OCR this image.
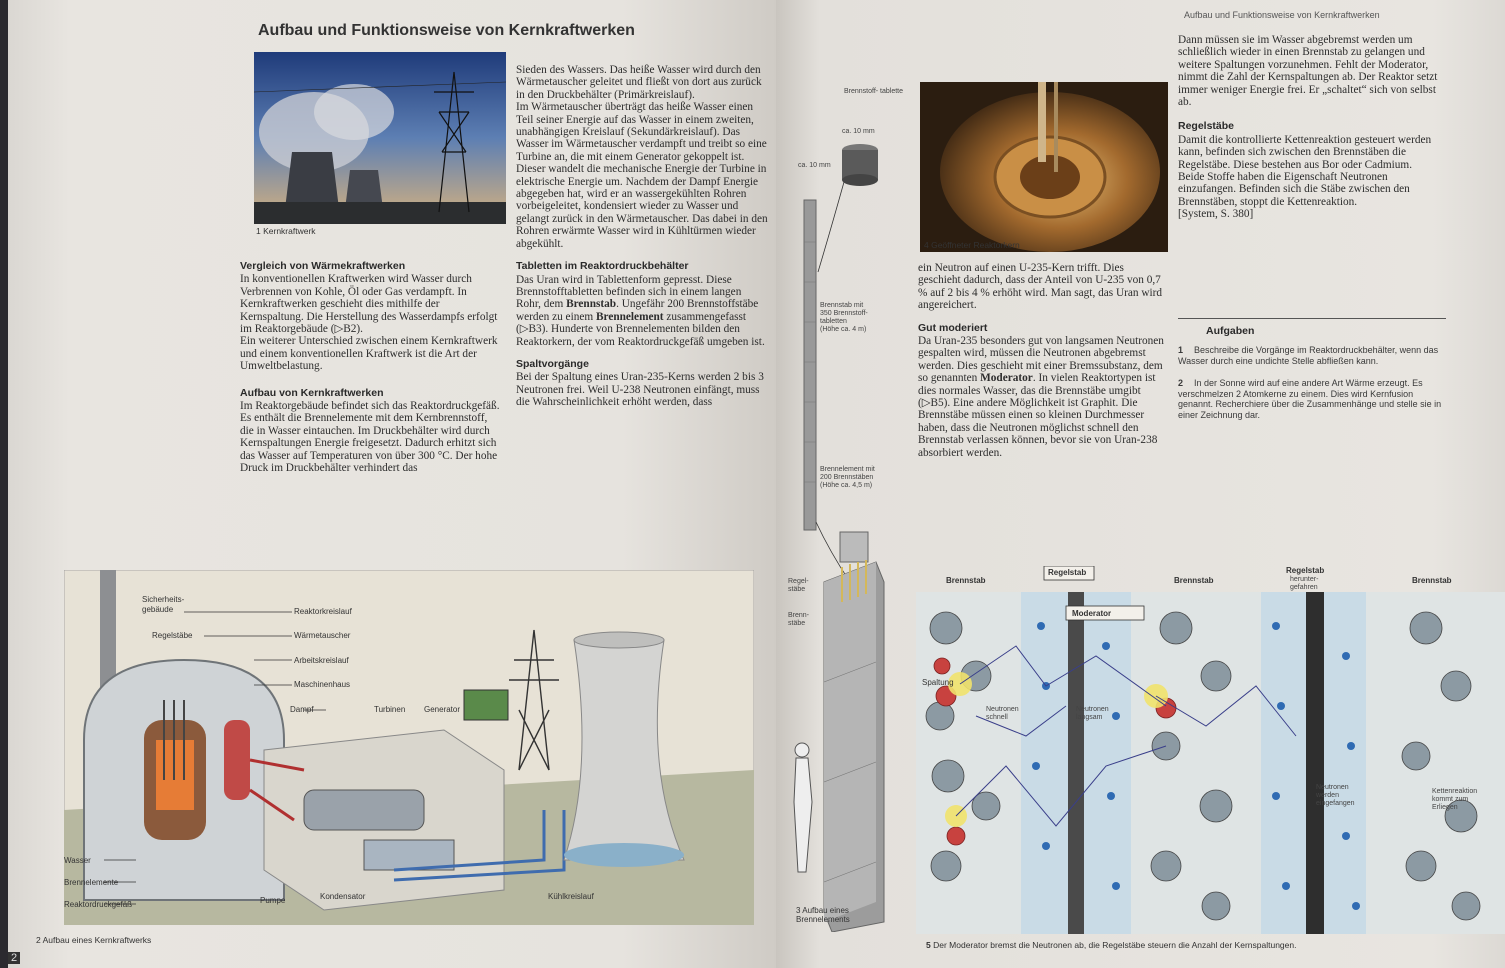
Aufbau und Funktionsweise von Kernkraftwerken
1 Kernkraftwerk
Vergleich von Wärmekraftwerken

In konventionellen Kraftwerken wird Wasser durch Verbrennen von Kohle, Öl oder Gas verdampft. In Kernkraftwerken geschieht dies mithilfe der Kernspaltung. Die Herstellung des Wasserdampfs erfolgt im Reaktorgebäude (▷B2).

Ein weiterer Unterschied zwischen einem Kernkraftwerk und einem konventionellen Kraftwerk ist die Art der Umweltbelastung.

Aufbau von Kernkraftwerken

Im Reaktorgebäude befindet sich das Reaktordruckgefäß. Es enthält die Brennelemente mit dem Kernbrennstoff, die in Wasser eintauchen. Im Druckbehälter wird durch Kernspaltungen Energie freigesetzt. Dadurch erhitzt sich das Wasser auf Temperaturen von über 300 °C. Der hohe Druck im Druckbehälter verhindert das

Sieden des Wassers. Das heiße Wasser wird durch den Wärmetauscher geleitet und fließt von dort aus zurück in den Druckbehälter (Primärkreislauf).

Im Wärmetauscher überträgt das heiße Wasser einen Teil seiner Energie auf das Wasser in einem zweiten, unabhängigen Kreislauf (Sekundärkreislauf). Das Wasser im Wärmetauscher verdampft und treibt so eine Turbine an, die mit einem Generator gekoppelt ist. Dieser wandelt die mechanische Energie der Turbine in elektrische Energie um. Nachdem der Dampf Energie abgegeben hat, wird er an wassergekühlten Rohren vorbeigeleitet, kondensiert wieder zu Wasser und gelangt zurück in den Wärmetauscher. Das dabei in den Rohren erwärmte Wasser wird in Kühltürmen wieder abgekühlt.

Tabletten im Reaktordruckbehälter

Das Uran wird in Tablettenform gepresst. Diese Brennstofftabletten befinden sich in einem langen Rohr, dem Brennstab. Ungefähr 200 Brennstoffstäbe werden zu einem Brennelement zusammengefasst (▷B3). Hunderte von Brennelementen bilden den Reaktorkern, der vom Reaktordruckgefäß umgeben ist.

Spaltvorgänge

Bei der Spaltung eines Uran-235-Kerns werden 2 bis 3 Neutronen frei. Weil U-238 Neutronen einfängt, muss die Wahrscheinlichkeit erhöht werden, dass

Sicherheits-
gebäude	Reaktorkreislauf
Regelstäbe	Wärmetauscher
Arbeitskreislauf
Maschinenhaus
Dampf	Turbinen Generator
Wasser
Brennelemente
Reaktordruckgefäß	Pumpe	Kondensator	Kühlkreislauf
2 Aufbau eines Kernkraftwerks
2
Aufbau und Funktionsweise von Kernkraftwerken
Brennstoff- tablette
ca. 10 mm
ca. 10 mm
Brennstab mit
350 Brennstoff-
tabletten
(Höhe ca. 4 m)
Brennelement mit
200 Brennstäben
(Höhe ca. 4,5 m)
Regel-
stäbe
Brenn-
stäbe
3 Aufbau eines Brennelements
4 Geöffneter Reaktorkern

ein Neutron auf einen U-235-Kern trifft. Dies geschieht dadurch, dass der Anteil von U-235 von 0,7 % auf 2 bis 4 % erhöht wird. Man sagt, das Uran wird angereichert.

Gut moderiert

Da Uran-235 besonders gut von langsamen Neutronen gespalten wird, müssen die Neutronen abgebremst werden. Dies geschieht mit einer Bremssubstanz, dem so genannten Moderator. In vielen Reaktortypen ist dies normales Wasser, das die Brennstäbe umgibt (▷B5). Eine andere Möglichkeit ist Graphit. Die Brennstäbe müssen einen so kleinen Durchmesser haben, dass die Neutronen möglichst schnell den Brennstab verlassen können, bevor sie von Uran-238 absorbiert werden.

Dann müssen sie im Wasser abgebremst werden um schließlich wieder in einen Brennstab zu gelangen und weitere Spaltungen vorzunehmen. Fehlt der Moderator, nimmt die Zahl der Kernspaltungen ab. Der Reaktor setzt immer weniger Energie frei. Er „schaltet“ sich von selbst ab.

Regelstäbe

Damit die kontrollierte Kettenreaktion gesteuert werden kann, befinden sich zwischen den Brennstäben die Regelstäbe. Diese bestehen aus Bor oder Cadmium. Beide Stoffe haben die Eigenschaft Neutronen einzufangen. Befinden sich die Stäbe zwischen den Brennstäben, stoppt die Kettenreaktion.

[System, S. 380]

Aufgaben
1 Beschreibe die Vorgänge im Reaktordruckbehälter, wenn das Wasser durch eine undichte Stelle abfließen kann.
2 In der Sonne wird auf eine andere Art Wärme erzeugt. Es verschmelzen 2 Atomkerne zu einem. Dies wird Kernfusion genannt. Recherchiere über die Zusammenhänge und stelle sie in einer Zeichnung dar.
Brennstab
Regelstab
Brennstab
Regelstab
herunter-
gefahren
Brennstab
Moderator
Spaltung
Neutronen
schnell
Neutronen
langsam
Neutronen
werden
eingefangen
Kettenreaktion
kommt zum
Erliegen
5 Der Moderator bremst die Neutronen ab, die Regelstäbe steuern die Anzahl der Kernspaltungen.
